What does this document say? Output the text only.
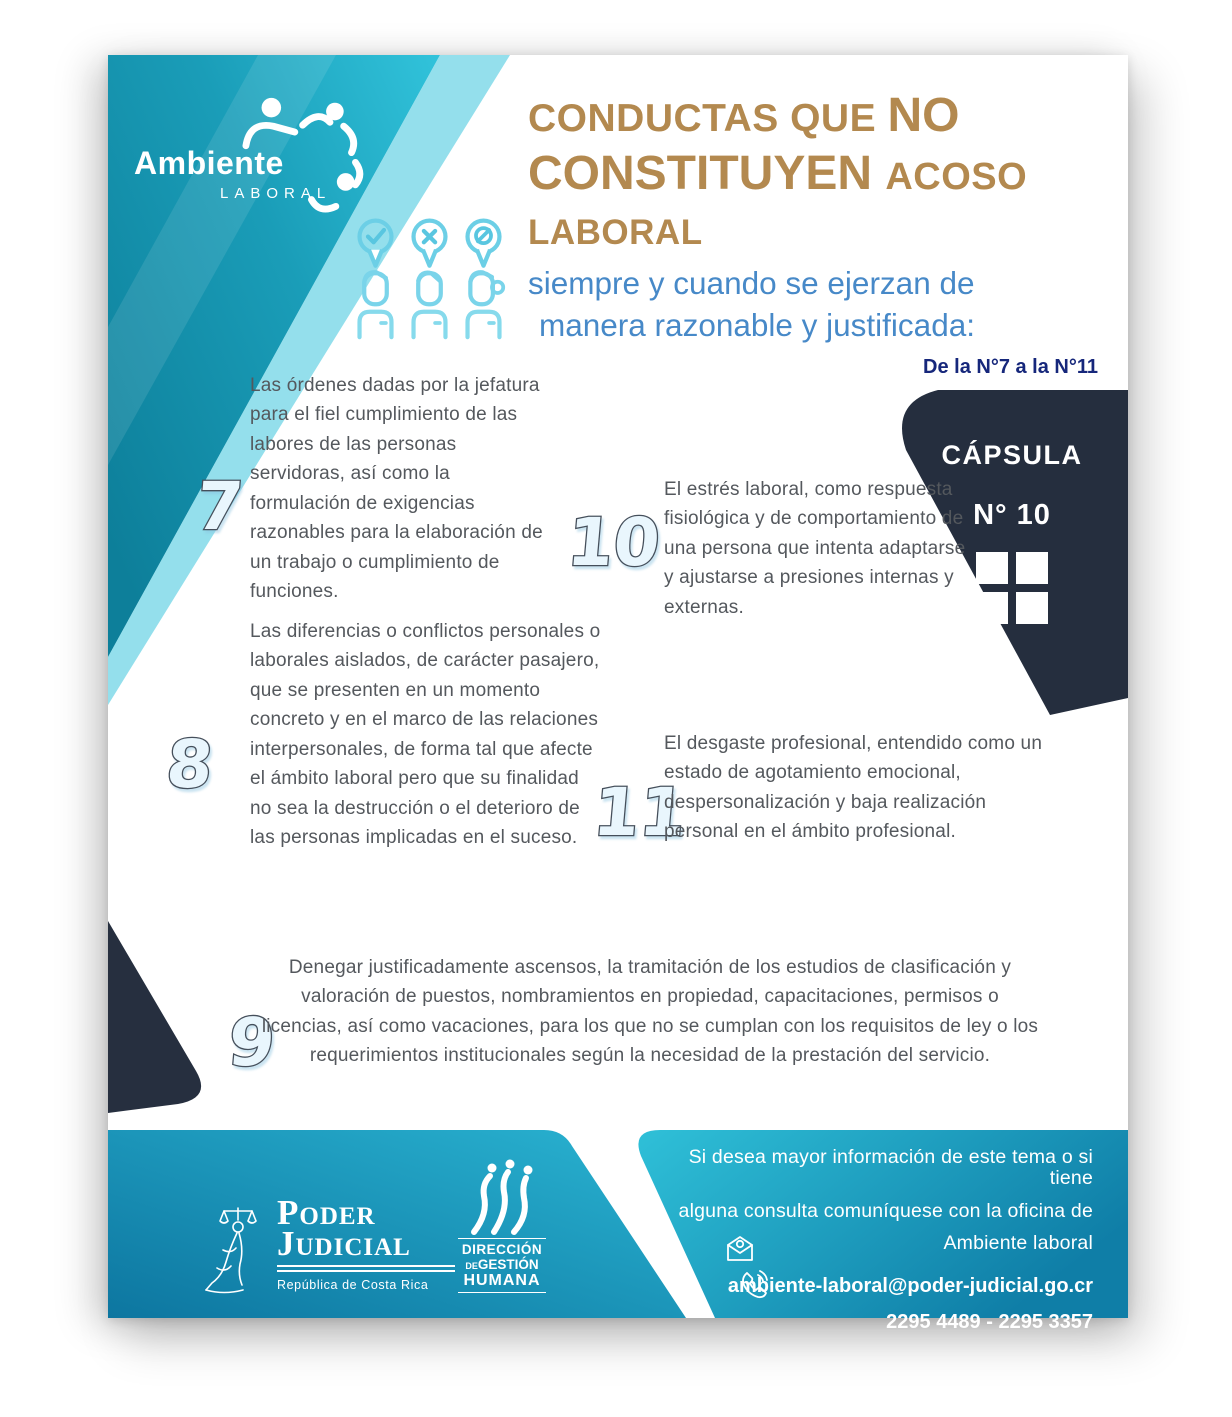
Ambiente
LABORAL
CONDUCTAS QUE NO
CONSTITUYEN ACOSO
LABORAL
siempre y cuando se ejerzan de
manera razonable y justificada:
De la N°7 a la N°11
CÁPSULA
N° 10
7
Las órdenes dadas por la jefatura para el fiel cumplimiento de las labores de las personas servidoras, así como la formulación de exigencias razonables para la elaboración de un trabajo o cumplimiento de funciones.
8
Las diferencias o conflictos personales o laborales aislados, de carácter pasajero, que se presenten en un momento concreto y en el marco de las relaciones interpersonales, de forma tal que afecte el ámbito laboral pero que su finalidad no sea la destrucción o el deterioro de las personas implicadas en el suceso.
9
Denegar justificadamente ascensos, la tramitación de los estudios de clasificación y valoración de puestos, nombramientos en propiedad, capacitaciones, permisos o licencias, así como vacaciones, para los que no se cumplan con los requisitos de ley o los requerimientos institucionales según la necesidad de la prestación del servicio.
10
El estrés laboral, como respuesta fisiológica y de comportamiento de una persona que intenta adaptarse y ajustarse a presiones internas y externas.
11
El desgaste profesional, entendido como un estado de agotamiento emocional, despersonalización y baja realización personal en el ámbito profesional.
Poder
Judicial
República de Costa Rica
DIRECCIÓN
DEGESTIÓN
HUMANA
Si desea mayor información de este tema o si tiene
alguna consulta comuníquese con la oficina de
Ambiente laboral
ambiente-laboral@poder-judicial.go.cr
2295 4489 - 2295 3357
